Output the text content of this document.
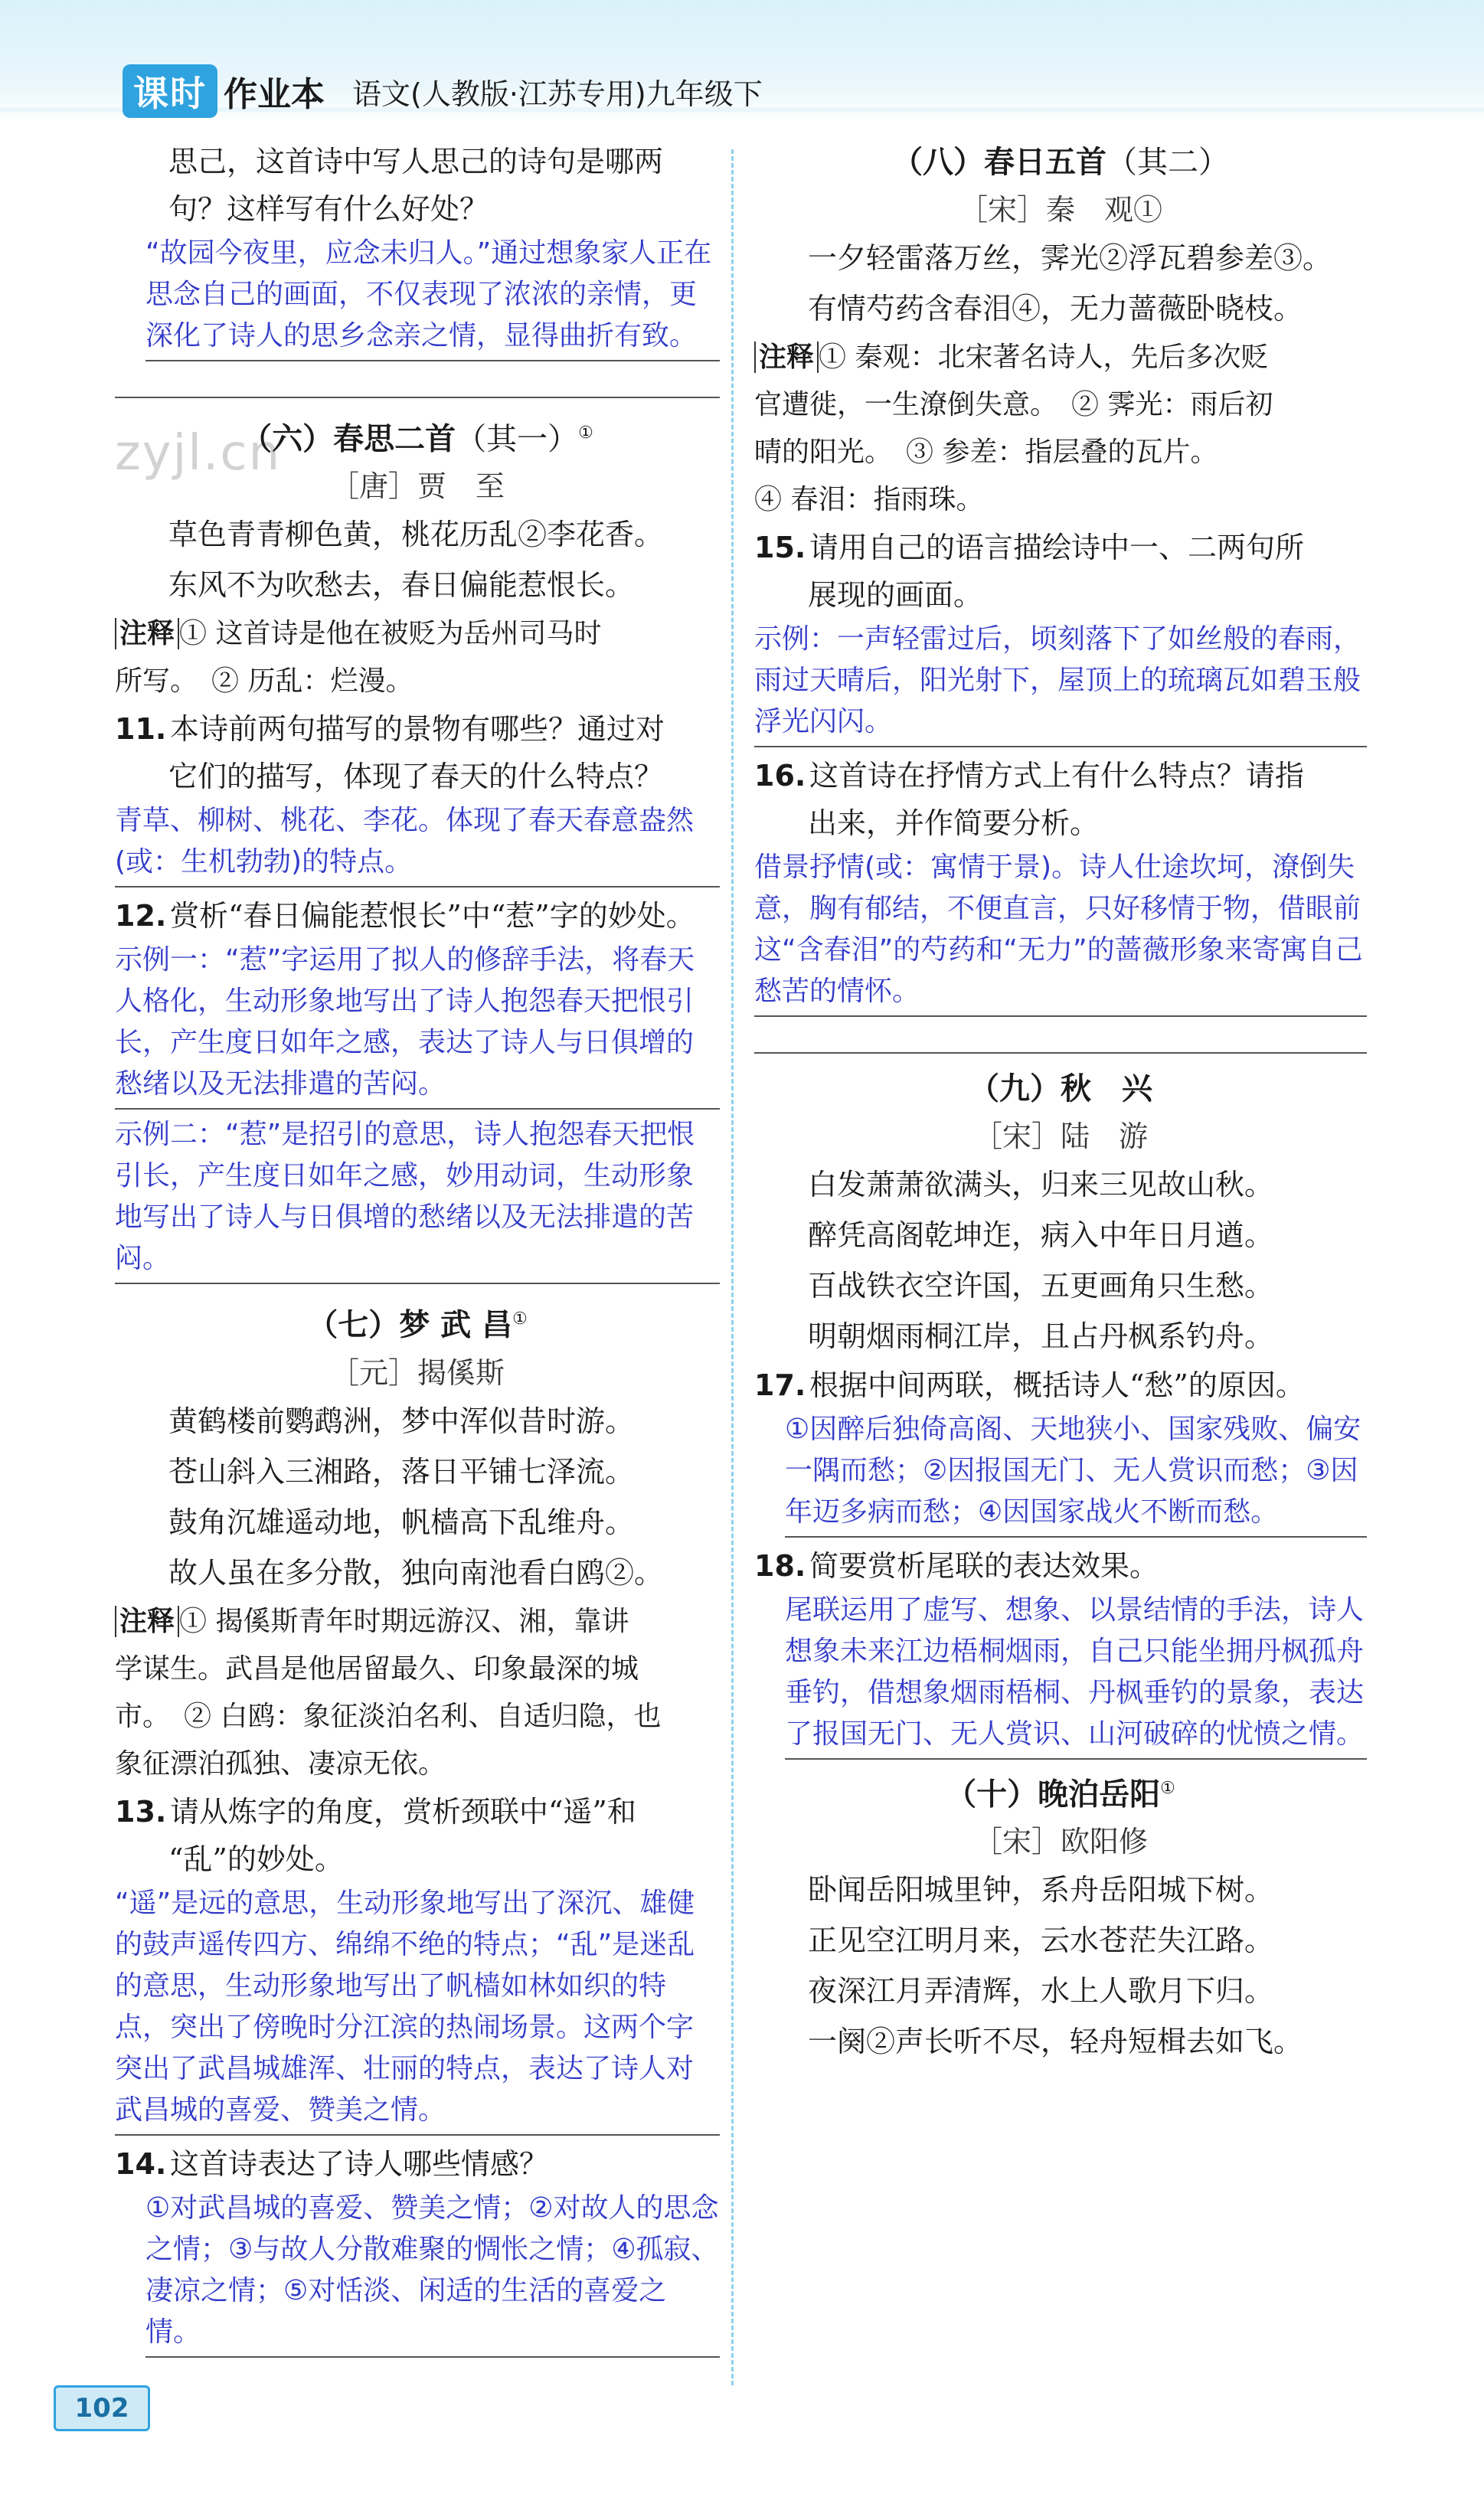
课时 作业本 语文(人教版·江苏专用)九年级下
zyjl.cn

思己，这首诗中写人思己的诗句是哪两

句？这样写有什么好处？

“故园今夜里，应念未归人。”通过想象家人正在思念自己的画面，不仅表现了浓浓的亲情，更深化了诗人的思乡念亲之情，显得曲折有致。

（六）春思二首（其一）①

［唐］贾　至

草色青青柳色黄，桃花历乱②李花香。

东风不为吹愁去，春日偏能惹恨长。

注释 ① 这首诗是他在被贬为岳州司马时

所写。　② 历乱：烂漫。

11. 本诗前两句描写的景物有哪些？通过对

它们的描写，体现了春天的什么特点？

青草、柳树、桃花、李花。体现了春天春意盎然(或：生机勃勃)的特点。

12. 赏析“春日偏能惹恨长”中“惹”字的妙处。

示例一：“惹”字运用了拟人的修辞手法，将春天人格化，生动形象地写出了诗人抱怨春天把恨引长，产生度日如年之感，表达了诗人与日俱增的愁绪以及无法排遣的苦闷。

示例二：“惹”是招引的意思，诗人抱怨春天把恨引长，产生度日如年之感，妙用动词，生动形象地写出了诗人与日俱增的愁绪以及无法排遣的苦闷。

（七）梦 武 昌①

［元］揭傒斯

黄鹤楼前鹦鹉洲，梦中浑似昔时游。

苍山斜入三湘路，落日平铺七泽流。

鼓角沉雄遥动地，帆樯高下乱维舟。

故人虽在多分散，独向南池看白鸥②。

注释 ① 揭傒斯青年时期远游汉、湘，靠讲

学谋生。武昌是他居留最久、印象最深的城

市。　② 白鸥：象征淡泊名利、自适归隐，也

象征漂泊孤独、凄凉无依。

13. 请从炼字的角度，赏析颈联中“遥”和

“乱”的妙处。

“遥”是远的意思，生动形象地写出了深沉、雄健的鼓声遥传四方、绵绵不绝的特点；“乱”是迷乱的意思，生动形象地写出了帆樯如林如织的特点，突出了傍晚时分江滨的热闹场景。这两个字突出了武昌城雄浑、壮丽的特点，表达了诗人对武昌城的喜爱、赞美之情。

14. 这首诗表达了诗人哪些情感？

①对武昌城的喜爱、赞美之情；②对故人的思念之情；③与故人分散难聚的惆怅之情；④孤寂、凄凉之情；⑤对恬淡、闲适的生活的喜爱之情。

（八）春日五首（其二）

［宋］秦　观①

一夕轻雷落万丝，霁光②浮瓦碧参差③。

有情芍药含春泪④，无力蔷薇卧晓枝。

注释 ① 秦观：北宋著名诗人，先后多次贬

官遭徙，一生潦倒失意。　② 霁光：雨后初

晴的阳光。　③ 参差：指层叠的瓦片。

④ 春泪：指雨珠。

15. 请用自己的语言描绘诗中一、二两句所

展现的画面。

示例：一声轻雷过后，顷刻落下了如丝般的春雨，雨过天晴后，阳光射下，屋顶上的琉璃瓦如碧玉般浮光闪闪。

16. 这首诗在抒情方式上有什么特点？请指

出来，并作简要分析。

借景抒情(或：寓情于景)。诗人仕途坎坷，潦倒失意，胸有郁结，不便直言，只好移情于物，借眼前这“含春泪”的芍药和“无力”的蔷薇形象来寄寓自己愁苦的情怀。

（九）秋　兴

［宋］陆　游

白发萧萧欲满头，归来三见故山秋。

醉凭高阁乾坤迮，病入中年日月遒。

百战铁衣空许国，五更画角只生愁。

明朝烟雨桐江岸，且占丹枫系钓舟。

17. 根据中间两联，概括诗人“愁”的原因。

①因醉后独倚高阁、天地狭小、国家残败、偏安一隅而愁；②因报国无门、无人赏识而愁；③因年迈多病而愁；④因国家战火不断而愁。

18. 简要赏析尾联的表达效果。

尾联运用了虚写、想象、以景结情的手法，诗人想象未来江边梧桐烟雨，自己只能坐拥丹枫孤舟垂钓，借想象烟雨梧桐、丹枫垂钓的景象，表达了报国无门、无人赏识、山河破碎的忧愤之情。

（十）晚泊岳阳①

［宋］欧阳修

卧闻岳阳城里钟，系舟岳阳城下树。

正见空江明月来，云水苍茫失江路。

夜深江月弄清辉，水上人歌月下归。

一阕②声长听不尽，轻舟短楫去如飞。

102
